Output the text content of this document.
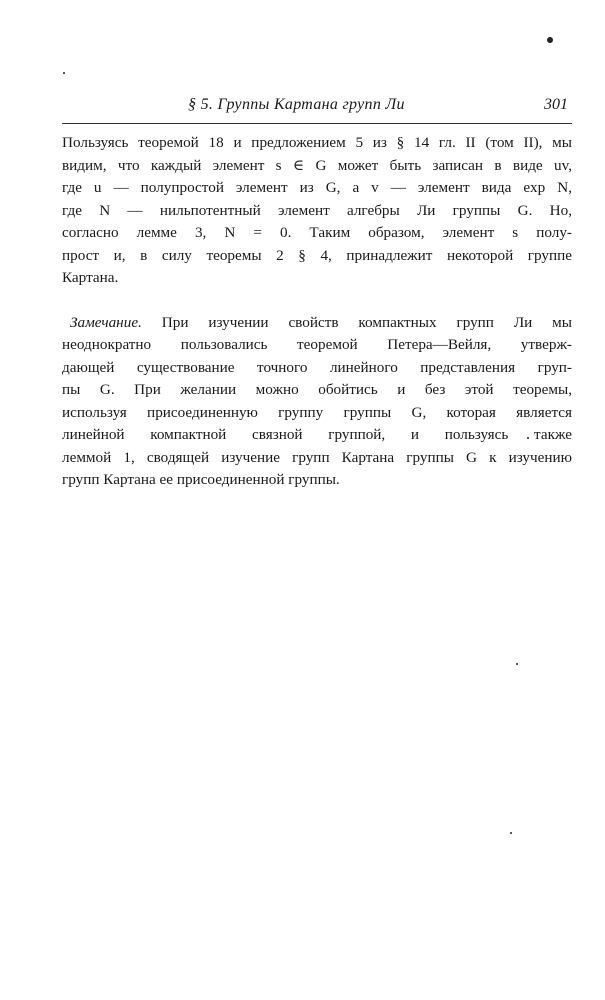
§ 5. Группы Картана групп Ли	301
Пользуясь теоремой 18 и предложением 5 из § 14 гл. II (том II), мы
видим, что каждый элемент s ∈ G может быть записан в виде uv,
где u — полупростой элемент из G, а v — элемент вида exp N,
где N — нильпотентный элемент алгебры Ли группы G. Но,
согласно лемме 3, N = 0. Таким образом, элемент s полу-
прост и, в силу теоремы 2 § 4, принадлежит некоторой группе
Картана.
Замечание. При изучении свойств компактных групп Ли мы
неоднократно пользовались теоремой Петера—Вейля, утверж-
дающей существование точного линейного представления груп-
пы G. При желании можно обойтись и без этой теоремы,
используя присоединенную группу группы G, которая является
линейной компактной связной группой, и пользуясь также
леммой 1, сводящей изучение групп Картана группы G к изучению
групп Картана ее присоединенной группы.
